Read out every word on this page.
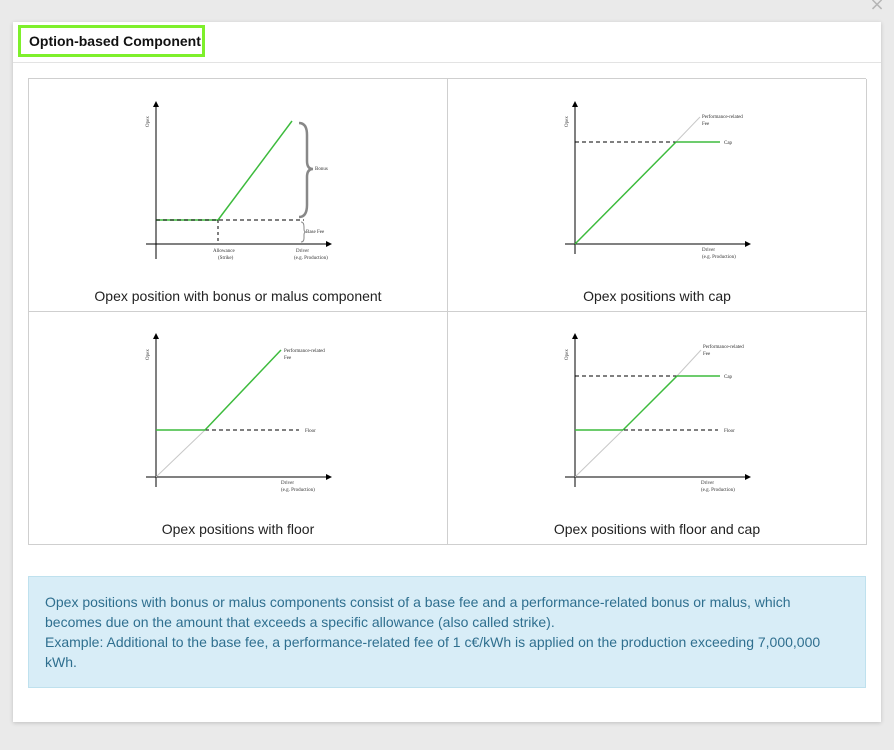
×
Option-based Component
Opex
Bonus
Base Fee
Allowance
(Strike)
Driver
(e.g. Production)
Opex position with bonus or malus component
Opex	Performance-related
Fee
Cap
Driver
(e.g. Production)
Opex positions with cap
Opex	Performance-related
Fee
Floor
Driver
(e.g. Production)
Opex positions with floor
Opex
Performance-related
Fee
Cap
Floor
Driver
(e.g. Production)
Opex positions with floor and cap

Opex positions with bonus or malus components consist of a base fee and a performance-related bonus or malus, which becomes due on the amount that exceeds a specific allowance (also called strike).

Example: Additional to the base fee, a performance-related fee of 1 c€/kWh is applied on the production exceeding 7,000,000 kWh.
